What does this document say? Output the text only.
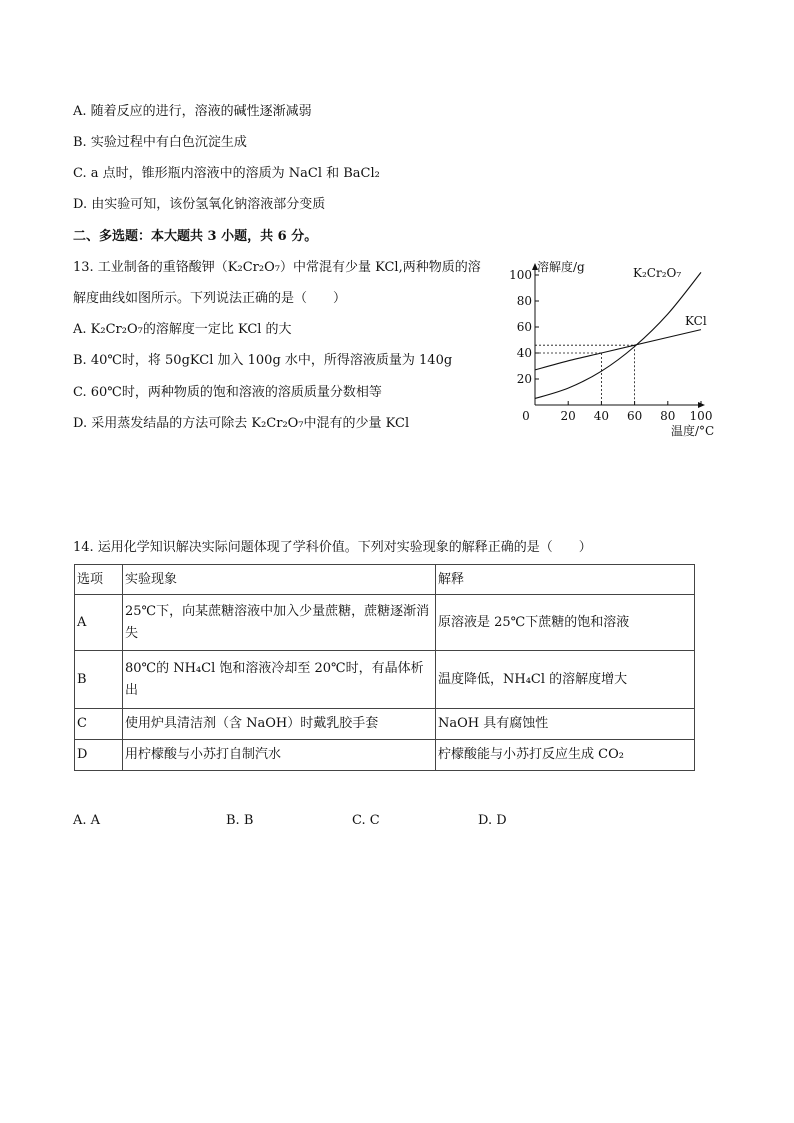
A. 随着反应的进行，溶液的碱性逐渐减弱
B. 实验过程中有白色沉淀生成
C. a 点时，锥形瓶内溶液中的溶质为 NaCl 和 BaCl₂
D. 由实验可知，该份氢氧化钠溶液部分变质
二、多选题：本大题共 3 小题，共 6 分。
13. 工业制备的重铬酸钾（K₂Cr₂O₇）中常混有少量 KCl,两种物质的溶
解度曲线如图所示。下列说法正确的是（　　）
A. K₂Cr₂O₇的溶解度一定比 KCl 的大
B. 40℃时，将 50gKCl 加入 100g 水中，所得溶液质量为 140g
C. 60℃时，两种物质的饱和溶液的溶质质量分数相等
D. 采用蒸发结晶的方法可除去 K₂Cr₂O₇中混有的少量 KCl	0	20 40 60 80 100
20
40
60
80
100
溶解度/g
温度/°C
K₂Cr₂O₇
KCl
14. 运用化学知识解决实际问题体现了学科价值。下列对实验现象的解释正确的是（　　）
选项	实验现象	解释
A	25℃下，向某蔗糖溶液中加入少量蔗糖，蔗糖逐渐消失	原溶液是 25℃下蔗糖的饱和溶液
B	80℃的 NH₄Cl 饱和溶液冷却至 20℃时，有晶体析出	温度降低，NH₄Cl 的溶解度增大
C	使用炉具清洁剂（含 NaOH）时戴乳胶手套	NaOH 具有腐蚀性
D	用柠檬酸与小苏打自制汽水	柠檬酸能与小苏打反应生成 CO₂
A. A	B. B	C. C	D. D
